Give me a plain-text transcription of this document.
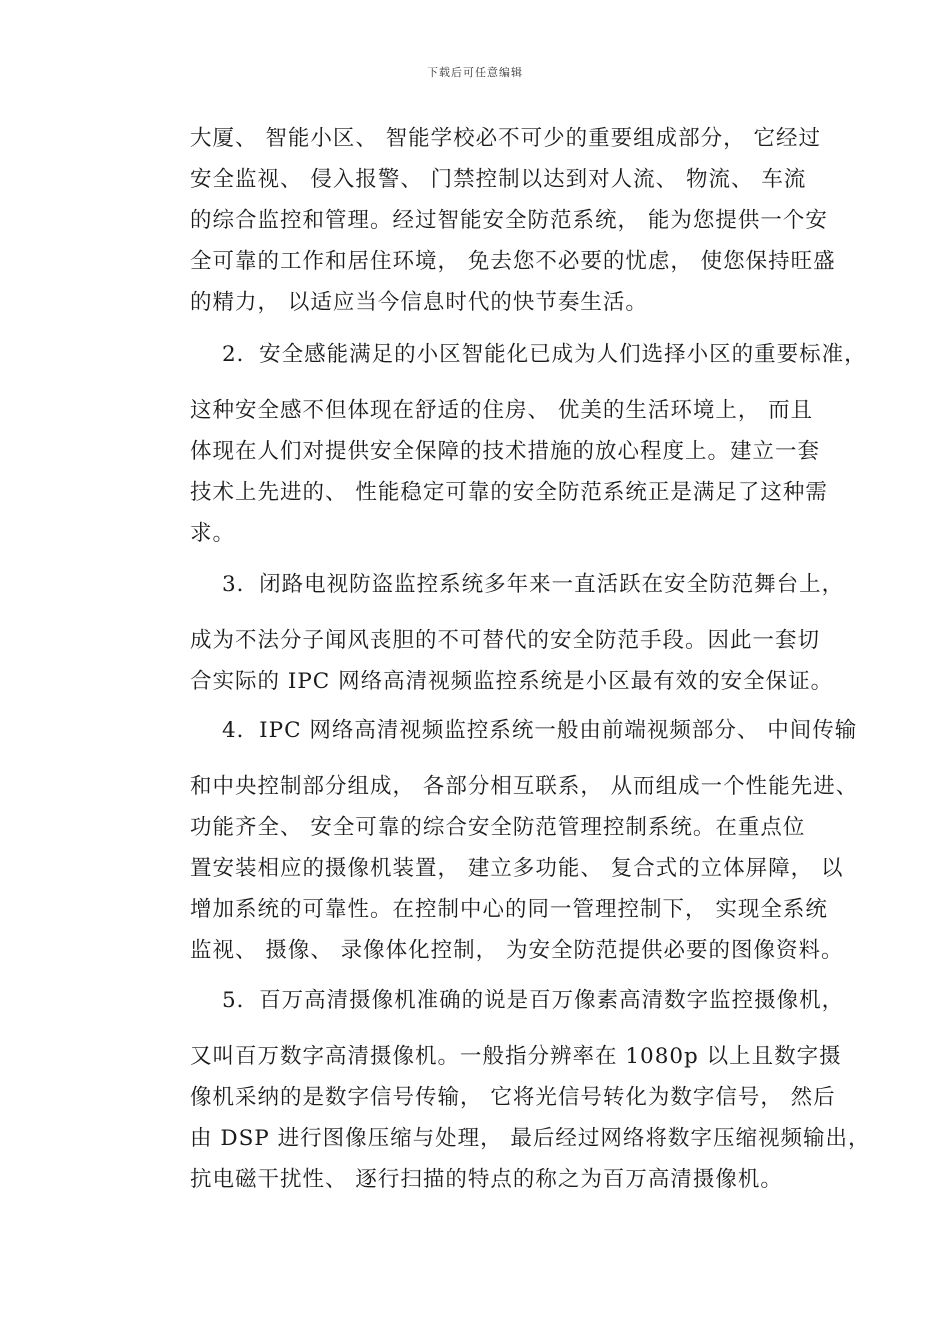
下载后可任意编辑
大厦、 智能小区、 智能学校必不可少的重要组成部分， 它经过
安全监视、 侵入报警、 门禁控制以达到对人流、 物流、 车流
的综合监控和管理。经过智能安全防范系统， 能为您提供一个安
全可靠的工作和居住环境， 免去您不必要的忧虑， 使您保持旺盛
的精力， 以适应当今信息时代的快节奏生活。
2．安全感能满足的小区智能化已成为人们选择小区的重要标准，
这种安全感不但体现在舒适的住房、 优美的生活环境上， 而且
体现在人们对提供安全保障的技术措施的放心程度上。建立一套
技术上先进的、 性能稳定可靠的安全防范系统正是满足了这种需
求。
3．闭路电视防盗监控系统多年来一直活跃在安全防范舞台上，
成为不法分子闻风丧胆的不可替代的安全防范手段。因此一套切
合实际的 IPC 网络高清视频监控系统是小区最有效的安全保证。
4．IPC 网络高清视频监控系统一般由前端视频部分、 中间传输
和中央控制部分组成， 各部分相互联系， 从而组成一个性能先进、
功能齐全、 安全可靠的综合安全防范管理控制系统。在重点位
置安装相应的摄像机装置， 建立多功能、 复合式的立体屏障， 以
增加系统的可靠性。在控制中心的同一管理控制下， 实现全系统
监视、 摄像、 录像体化控制， 为安全防范提供必要的图像资料。
5．百万高清摄像机准确的说是百万像素高清数字监控摄像机，
又叫百万数字高清摄像机。一般指分辨率在 1080p 以上且数字摄
像机采纳的是数字信号传输， 它将光信号转化为数字信号， 然后
由 DSP 进行图像压缩与处理， 最后经过网络将数字压缩视频输出，
抗电磁干扰性、 逐行扫描的特点的称之为百万高清摄像机。
